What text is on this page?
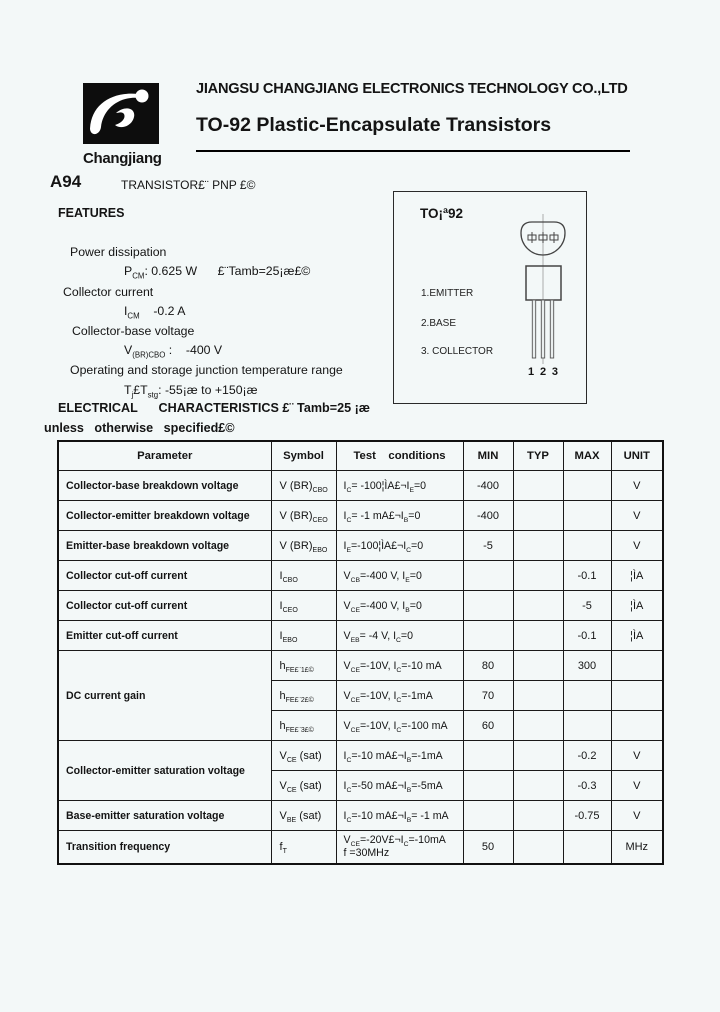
Changjiang
JIANGSU CHANGJIANG ELECTRONICS TECHNOLOGY CO.,LTD
TO-92 Plastic-Encapsulate Transistors
A94	TRANSISTOR£¨ PNP £©
FEATURES
Power dissipation
$P_{CM}$: 0.625 W      £¨Tamb=25¡æ£©
Collector current
$I_{CM}$    -0.2 A
Collector-base voltage
$V_{(BR)CBO}$ :    -400 V
Operating and storage junction temperature range
$T_j£T_{stg}$: -55¡æ to +150¡æ
TO¡ª92
1.EMITTER
2.BASE
3. COLLECTOR
1 2 3
ELECTRICAL      CHARACTERISTICS £¨ Tamb=25 ¡æ
unless   otherwise   specified£©
Parameter	Symbol	Test    conditions	MIN	TYP	MAX	UNIT
Collector-base breakdown voltage	V $(BR)_{CBO}$	$I_C=$ $-100¦ÌA£\neg I_E=0$	-400			V
Collector-emitter breakdown voltage	V $(BR)_{CEO}$	$I_C= -1$ $mA£\neg I_B=0$	-400			V
Emitter-base breakdown voltage	V $(BR)_{EBO}$	$I_E=-100¦ÌA£\neg I_C=0$	-5			V
Collector cut-off current	$I_{CBO}$	$V_{CB}=-400$ V, $I_E=0$			-0.1	¦ÌA
Collector cut-off current	$I_{CEO}$	$V_{CE}=-400$ V, $I_B=0$			-5	¦ÌA
Emitter cut-off current	$I_{EBO}$	$V_{EB}= -4$ V, $I_C=0$			-0.1	¦ÌA
DC current gain	$h_{FE£¨1£©}$	$V_{CE}=-10V$, $I_C=-10$ mA	80		300	
	$h_{FE£¨2£©}$	$V_{CE}=-10V$, $I_C=-1mA$	70			
	$h_{FE£¨3£©}$	$V_{CE}=-10V$, $I_C=-100$ mA	60			
Collector-emitter saturation voltage	$V_{CE}$ (sat)	$I_C=-10$ $mA£\neg I_B=-1mA$			-0.2	V
	$V_{CE}$ (sat)	$I_C=-50$ $mA£\neg I_B=-5mA$			-0.3	V
Base-emitter saturation voltage	$V_{BE}$ (sat)	$I_C=-10$ $mA£\neg I_B= -1$ mA			-0.75	V
Transition frequency	$f_T$	$V_{CE}=-20V£\neg I_C=-10mA$
f =30MHz	50			MHz
